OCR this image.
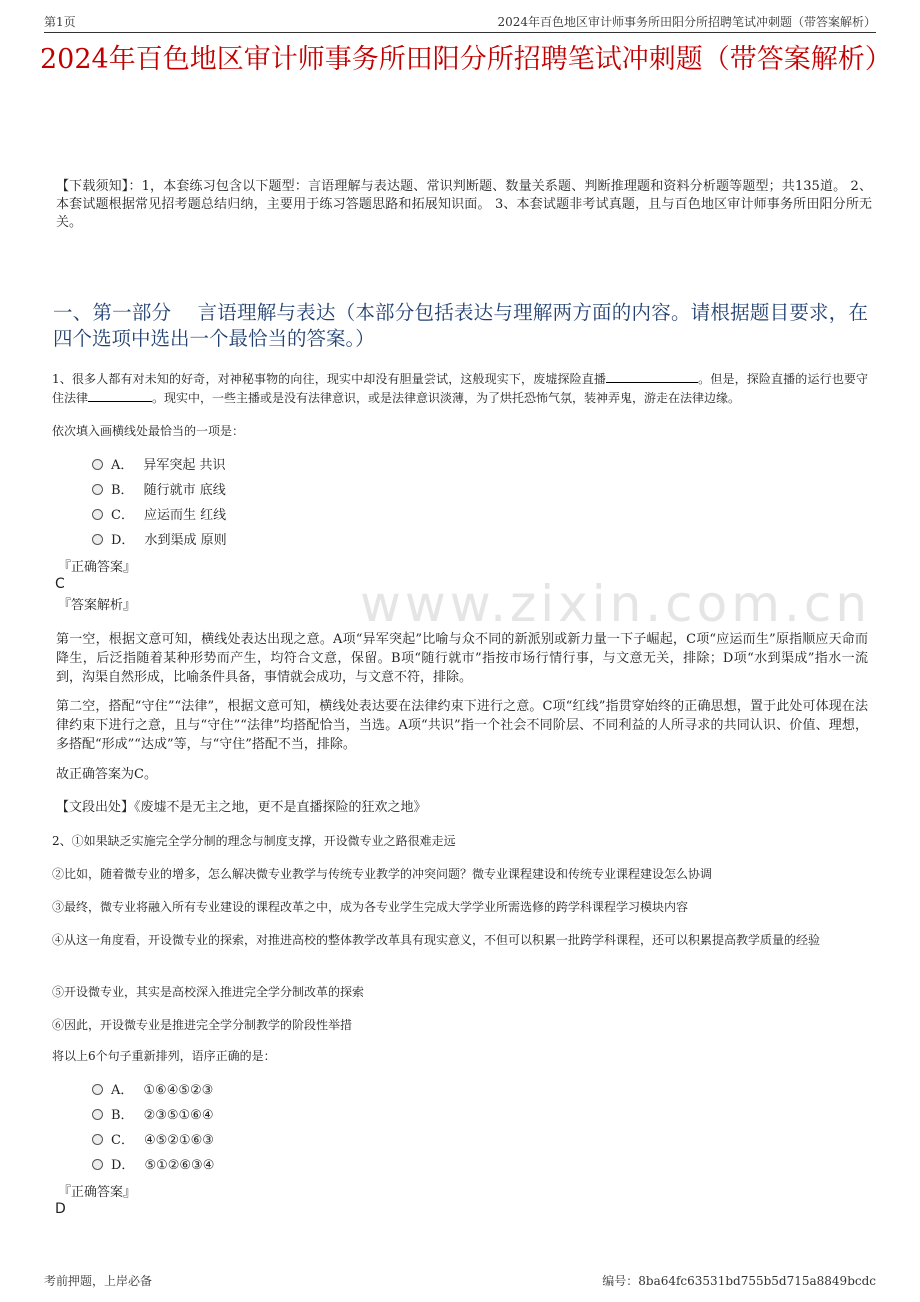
第1页	2024年百色地区审计师事务所田阳分所招聘笔试冲刺题（带答案解析）
2024年百色地区审计师事务所田阳分所招聘笔试冲刺题（带答案解析）
【下载须知】：1，本套练习包含以下题型：言语理解与表达题、常识判断题、数量关系题、判断推理题和资料分析题等题型；共135道。 2、本套试题根据常见招考题总结归纳，主要用于练习答题思路和拓展知识面。 3、本套试题非考试真题，且与百色地区审计师事务所田阳分所无关。
一、第一部分　 言语理解与表达（本部分包括表达与理解两方面的内容。请根据题目要求，在四个选项中选出一个最恰当的答案。）
www.zixin.com.cn
1、很多人都有对未知的好奇，对神秘事物的向往，现实中却没有胆量尝试，这般现实下，废墟探险直播	。但是，探险直播的运行也要守住法律	。现实中，一些主播或是没有法律意识，或是法律意识淡薄，为了烘托恐怖气氛，装神弄鬼，游走在法律边缘。
依次填入画横线处最恰当的一项是：
A． 异军突起 共识
B． 随行就市 底线
C． 应运而生 红线
D． 水到渠成 原则
『正确答案』
C
『答案解析』
第一空，根据文意可知，横线处表达出现之意。A项“异军突起”比喻与众不同的新派别或新力量一下子崛起，C项“应运而生”原指顺应天命而降生，后泛指随着某种形势而产生，均符合文意，保留。B项“随行就市”指按市场行情行事，与文意无关，排除；D项“水到渠成”指水一流到，沟渠自然形成，比喻条件具备，事情就会成功，与文意不符，排除。
第二空，搭配“守住”“法律”，根据文意可知，横线处表达要在法律约束下进行之意。C项“红线”指贯穿始终的正确思想，置于此处可体现在法律约束下进行之意，且与“守住”“法律”均搭配恰当，当选。A项“共识”指一个社会不同阶层、不同利益的人所寻求的共同认识、价值、理想，多搭配“形成”“达成”等，与“守住”搭配不当，排除。
故正确答案为C。
【文段出处】《废墟不是无主之地，更不是直播探险的狂欢之地》
2、①如果缺乏实施完全学分制的理念与制度支撑，开设微专业之路很难走远
②比如，随着微专业的增多，怎么解决微专业教学与传统专业教学的冲突问题？微专业课程建设和传统专业课程建设怎么协调
③最终，微专业将融入所有专业建设的课程改革之中，成为各专业学生完成大学学业所需选修的跨学科课程学习模块内容
④从这一角度看，开设微专业的探索，对推进高校的整体教学改革具有现实意义，不但可以积累一批跨学科课程，还可以积累提高教学质量的经验
⑤开设微专业，其实是高校深入推进完全学分制改革的探索
⑥因此，开设微专业是推进完全学分制教学的阶段性举措
将以上6个句子重新排列，语序正确的是：
A． ①⑥④⑤②③
B． ②③⑤①⑥④
C． ④⑤②①⑥③
D． ⑤①②⑥③④
『正确答案』
D
考前押题，上岸必备	编号：8ba64fc63531bd755b5d715a8849bcdc
